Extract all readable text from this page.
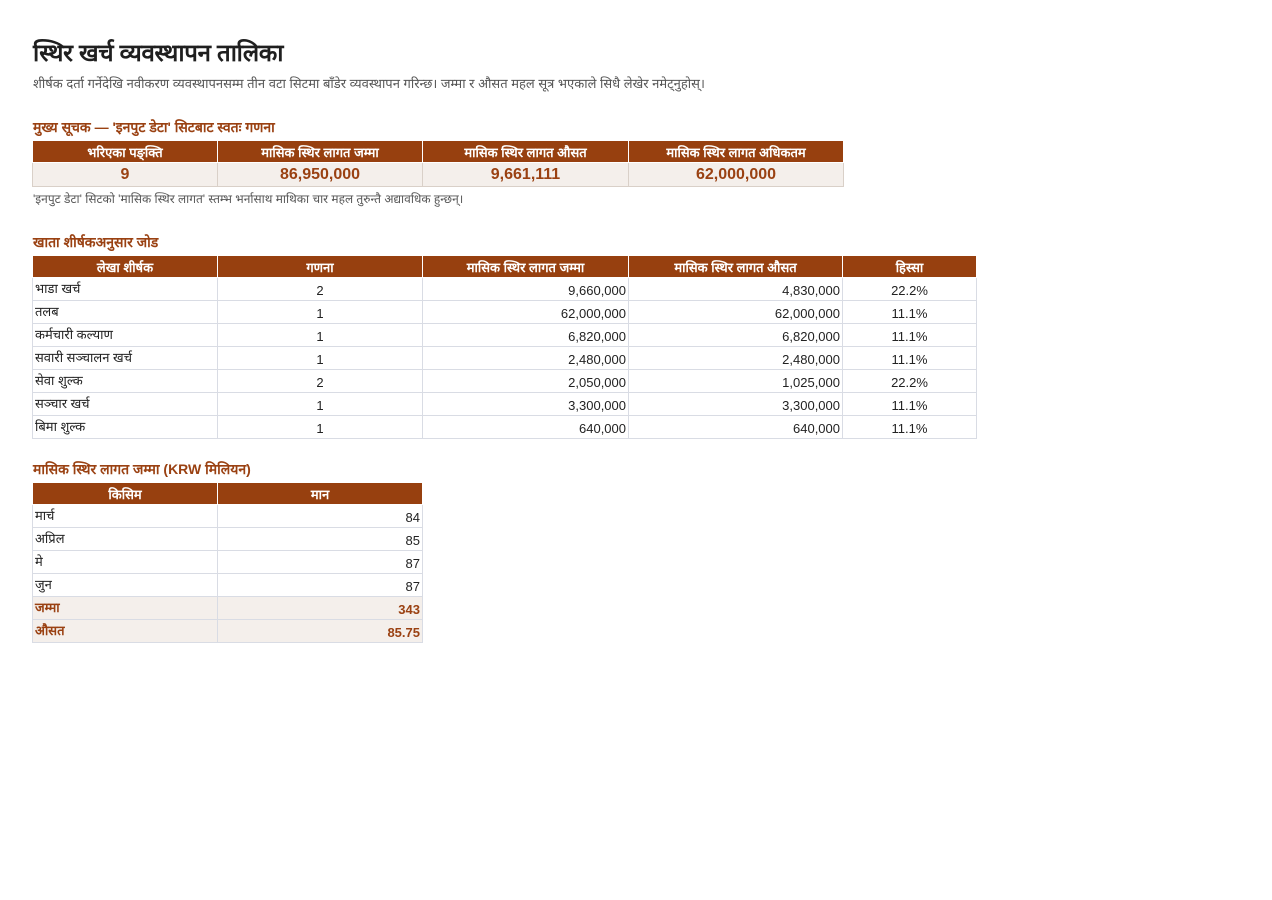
स्थिर खर्च व्यवस्थापन तालिका
शीर्षक दर्ता गर्नेदेखि नवीकरण व्यवस्थापनसम्म तीन वटा सिटमा बाँडेर व्यवस्थापन गरिन्छ। जम्मा र औसत महल सूत्र भएकाले सिधै लेखेर नमेट्नुहोस्।
मुख्य सूचक — 'इनपुट डेटा' सिटबाट स्वतः गणना
भरिएका पङ्क्ति	मासिक स्थिर लागत जम्मा	मासिक स्थिर लागत औसत	मासिक स्थिर लागत अधिकतम
9	86,950,000	9,661,111	62,000,000
'इनपुट डेटा' सिटको 'मासिक स्थिर लागत' स्तम्भ भर्नासाथ माथिका चार महल तुरुन्तै अद्यावधिक हुन्छन्।
खाता शीर्षकअनुसार जोड
लेखा शीर्षक	गणना	मासिक स्थिर लागत जम्मा	मासिक स्थिर लागत औसत	हिस्सा
भाडा खर्च	2	9,660,000	4,830,000	22.2%
तलब	1	62,000,000	62,000,000	11.1%
कर्मचारी कल्याण	1	6,820,000	6,820,000	11.1%
सवारी सञ्चालन खर्च	1	2,480,000	2,480,000	11.1%
सेवा शुल्क	2	2,050,000	1,025,000	22.2%
सञ्चार खर्च	1	3,300,000	3,300,000	11.1%
बिमा शुल्क	1	640,000	640,000	11.1%
मासिक स्थिर लागत जम्मा (KRW मिलियन)
किसिम	मान
मार्च	84
अप्रिल	85
मे	87
जुन	87
जम्मा	343
औसत	85.75
